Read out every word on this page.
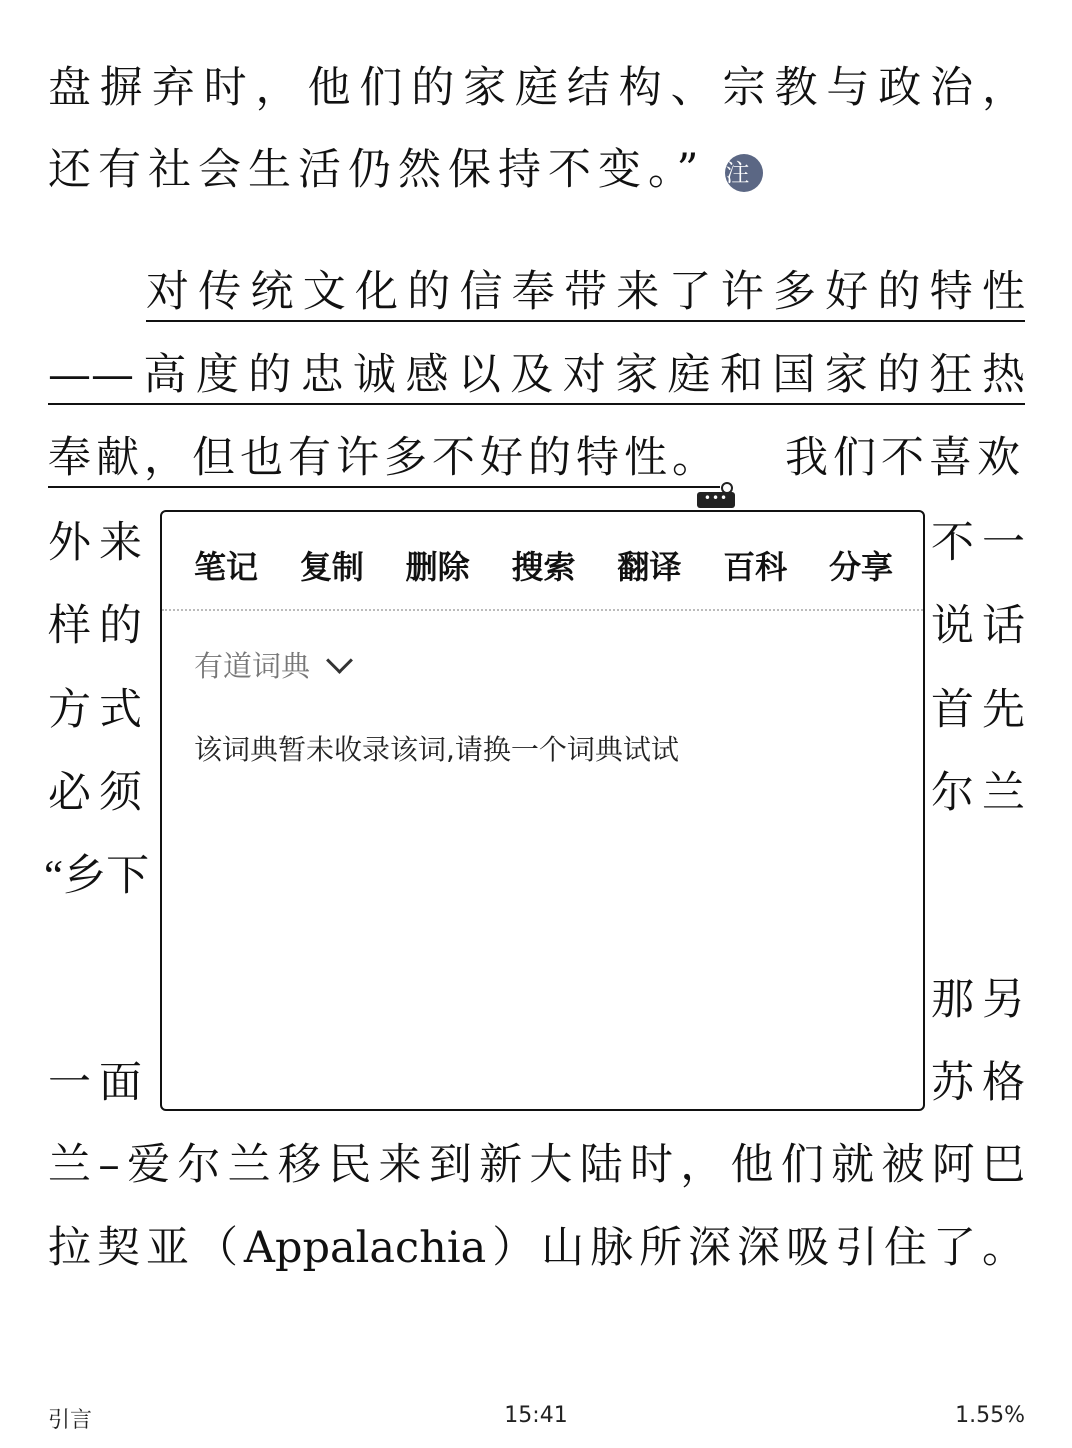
盘摒弃时，他们的家庭结构、宗教与政治，
还有社会生活仍然保持不变。” 注
对传统文化的信奉带来了许多好的特性
——高度的忠诚感以及对家庭和国家的狂热
奉献，但也有许多不好的特性。 我们不喜欢
•••
外来	不一
样的	说话
方式	首先
必须	尔兰
“乡下
那另
一面	苏格
兰–爱尔兰移民来到新大陆时，他们就被阿巴
拉契亚（Appalachia）山脉所深深吸引住了。
笔记 复制 删除 搜索 翻译 百科 分享
有道词典
该词典暂未收录该词,请换一个词典试试
引言	15:41	1.55%
